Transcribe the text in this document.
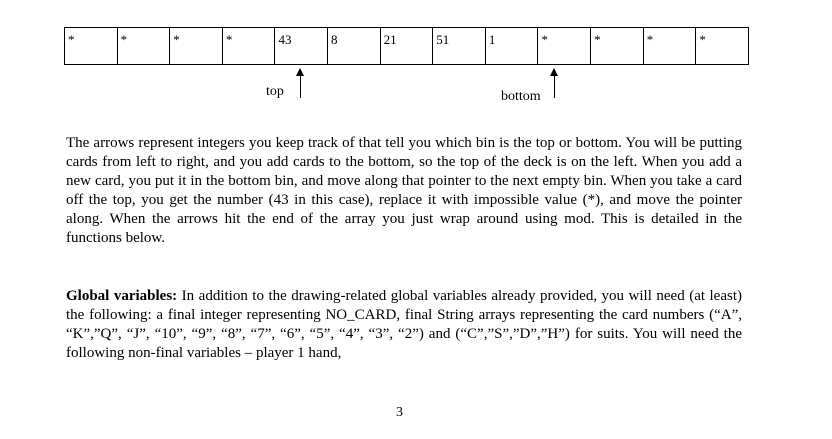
*	*	*	*	43	8	21	51	1	*	*	*	*
top	bottom

The arrows represent integers you keep track of that tell you which bin is the top or bottom. You will be putting cards from left to right, and you add cards to the bottom, so the top of the deck is on the left. When you add a new card, you put it in the bottom bin, and move along that pointer to the next empty bin. When you take a card off the top, you get the number (43 in this case), replace it with impossible value (*), and move the pointer along. When the arrows hit the end of the array you just wrap around using mod. This is detailed in the functions below.

Global variables: In addition to the drawing-related global variables already provided, you will need (at least) the following: a final integer representing NO_CARD, final String arrays representing the card numbers (“A”, “K”,”Q”, “J”, “10”, “9”, “8”, “7”, “6”, “5”, “4”, “3”, “2”) and (“C”,”S”,”D”,”H”) for suits. You will need the following non-final variables – player 1 hand,

3
